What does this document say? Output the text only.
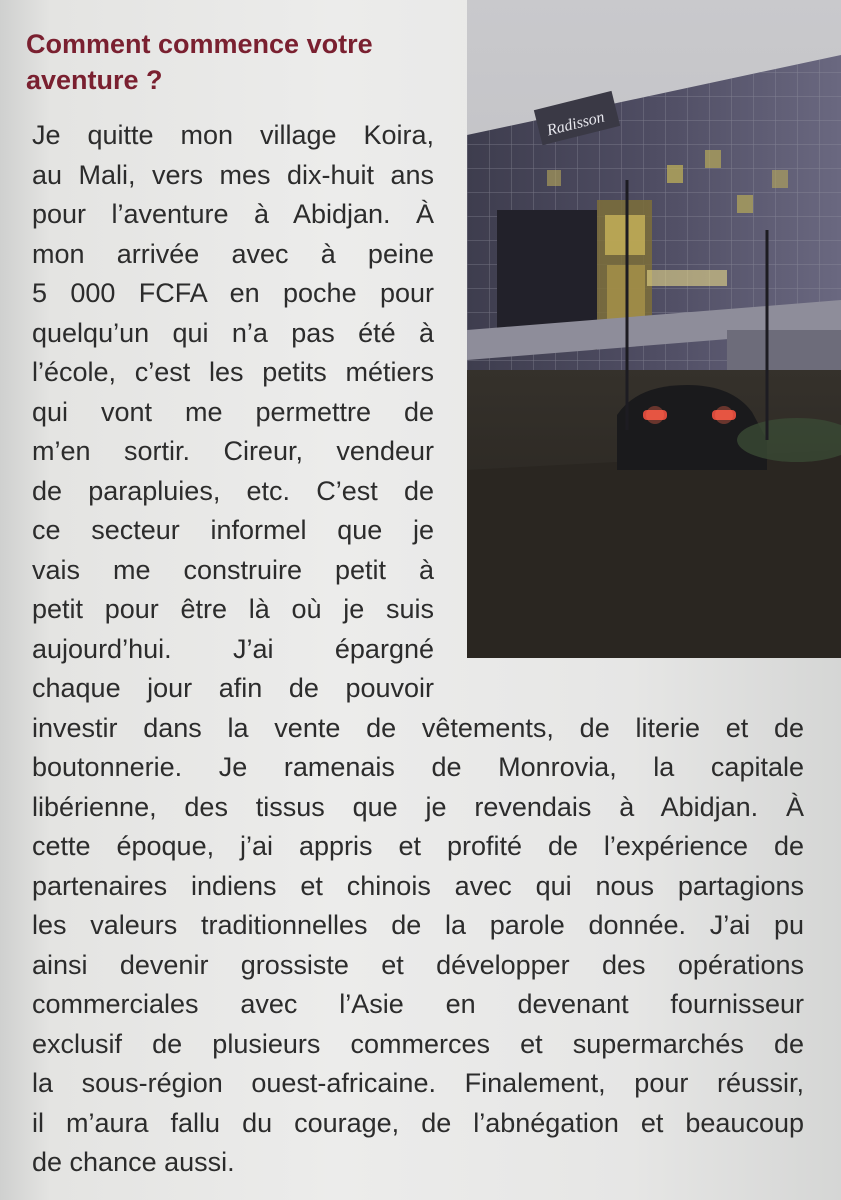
Comment commence votre
aventure ?
Je quitte mon village Koira,
au Mali, vers mes dix-huit ans
pour l’aventure à Abidjan. À
mon arrivée avec à peine
5 000 FCFA en poche pour
quelqu’un qui n’a pas été à
l’école, c’est les petits métiers
qui vont me permettre de
m’en sortir. Cireur, vendeur
de parapluies, etc. C’est de
ce secteur informel que je
vais me construire petit à
petit pour être là où je suis
aujourd’hui. J’ai épargné
chaque jour afin de pouvoir
investir dans la vente de vêtements, de literie et de
boutonnerie. Je ramenais de Monrovia, la capitale
libérienne, des tissus que je revendais à Abidjan. À
cette époque, j’ai appris et profité de l’expérience de
partenaires indiens et chinois avec qui nous partagions
les valeurs traditionnelles de la parole donnée. J’ai pu
ainsi devenir grossiste et développer des opérations
commerciales avec l’Asie en devenant fournisseur
exclusif de plusieurs commerces et supermarchés de
la sous-région ouest-africaine. Finalement, pour réussir,
il m’aura fallu du courage, de l’abnégation et beaucoup
de chance aussi.
Radisson
